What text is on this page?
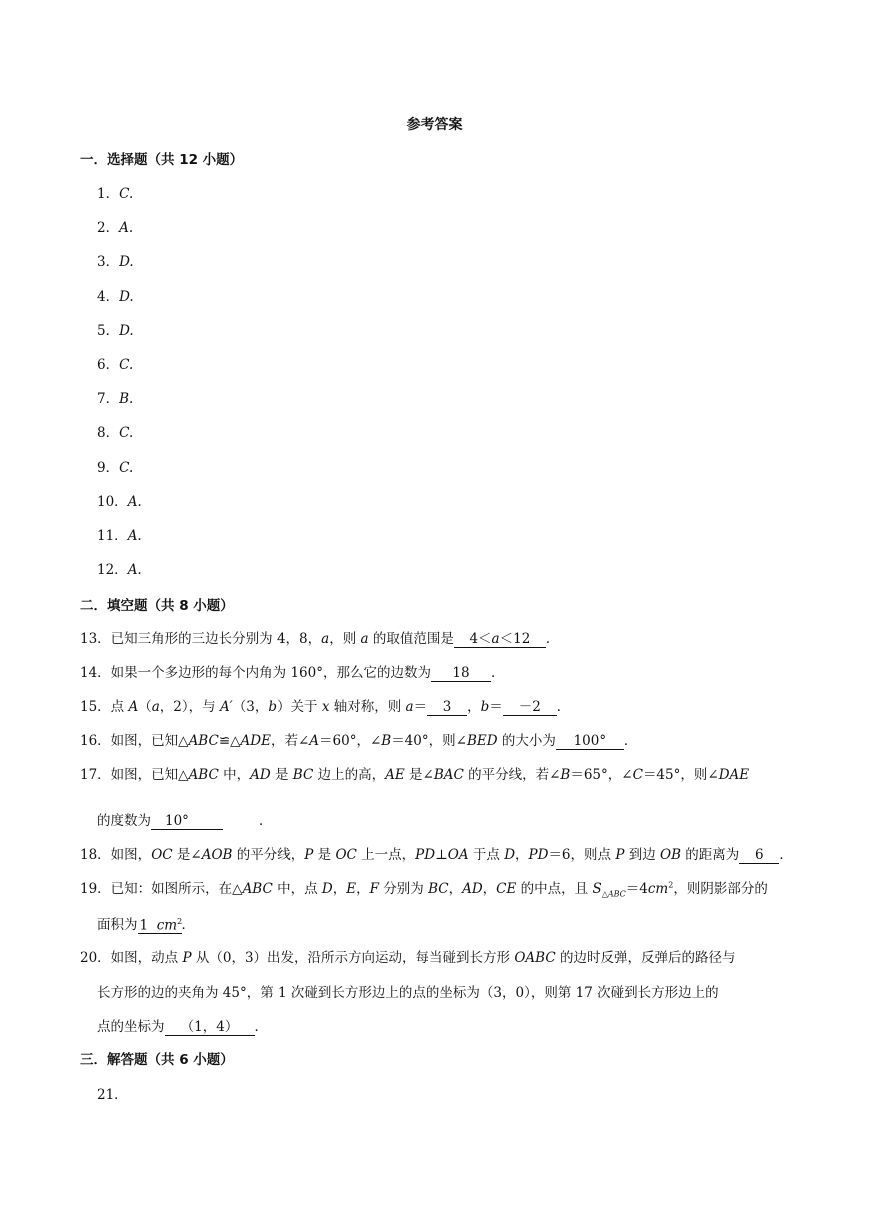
参考答案
一．选择题（共 12 小题）
1．C.
2．A.
3．D.
4．D.
5．D.
6．C.
7．B.
8．C.
9．C.
10．A.
11．A.
12．A.
二．填空题（共 8 小题）
13．已知三角形的三边长分别为 4，8，a，则 a 的取值范围是 4＜a＜12 ．
14．如果一个多边形的每个内角为 160°，那么它的边数为 18 ．
15．点 A（a，2），与 A′（3，b）关于 x 轴对称，则 a＝ 3 ，b＝ －2 ．
16．如图，已知△ABC≌△ADE，若∠A＝60°，∠B＝40°，则∠BED 的大小为 100° ．
17．如图，已知△ABC 中，AD 是 BC 边上的高，AE 是∠BAC 的平分线，若∠B＝65°，∠C＝45°，则∠DAE
的度数为 10°	．
18．如图，OC 是∠AOB 的平分线，P 是 OC 上一点，PD⊥OA 于点 D，PD＝6，则点 P 到边 OB 的距离为 6 ．
19．已知：如图所示，在△ABC 中，点 D，E，F 分别为 BC，AD，CE 的中点，且 $S_{\triangle ABC}=4cm^2$，则阴影部分的
面积为 1 $cm^2$．
20．如图，动点 P 从（0，3）出发，沿所示方向运动，每当碰到长方形 OABC 的边时反弹，反弹后的路径与
长方形的边的夹角为 45°，第 1 次碰到长方形边上的点的坐标为（3，0），则第 17 次碰到长方形边上的
点的坐标为 （1，4） ．
三．解答题（共 6 小题）
21．
